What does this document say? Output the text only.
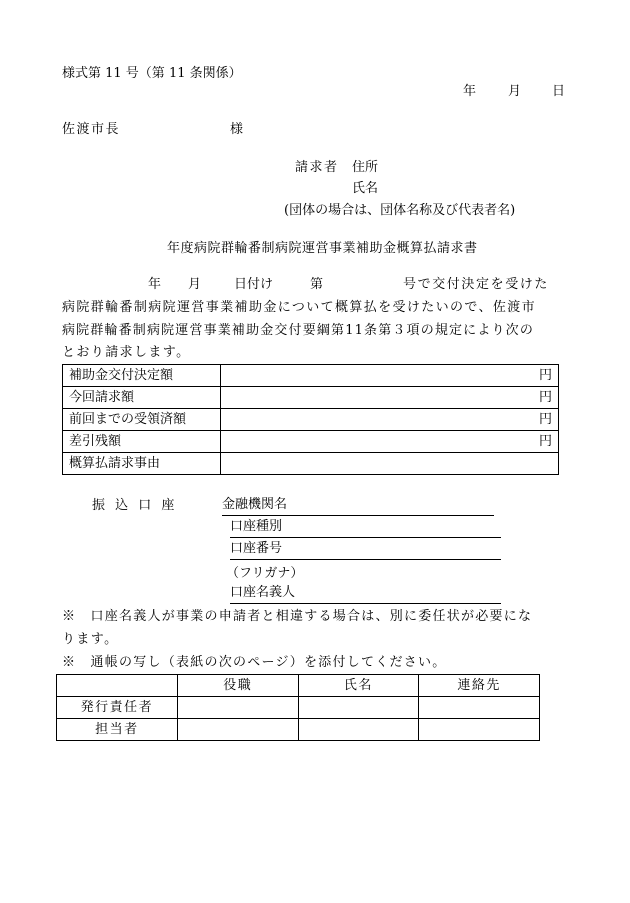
様式第 11 号（第 11 条関係）
年 月 日
佐渡市長	様
請求者 住所
氏名
(団体の場合は、団体名称及び代表者名)
年度病院群輪番制病院運営事業補助金概算払請求書
年 月	日付け	第	号で交付決定を受けた
病院群輪番制病院運営事業補助金について概算払を受けたいので、佐渡市
病院群輪番制病院運営事業補助金交付要綱第11条第３項の規定により次の
とおり請求します。
補助金交付決定額	円
今回請求額	円
前回までの受領済額	円
差引残額	円
概算払請求事由	
振 込 口 座	金融機関名
口座種別
口座番号
（フリガナ）
口座名義人
※　口座名義人が事業の申請者と相違する場合は、別に委任状が必要にな
ります。
※　通帳の写し（表紙の次のページ）を添付してください。
	役職	氏名	連絡先
発行責任者			
担当者			
